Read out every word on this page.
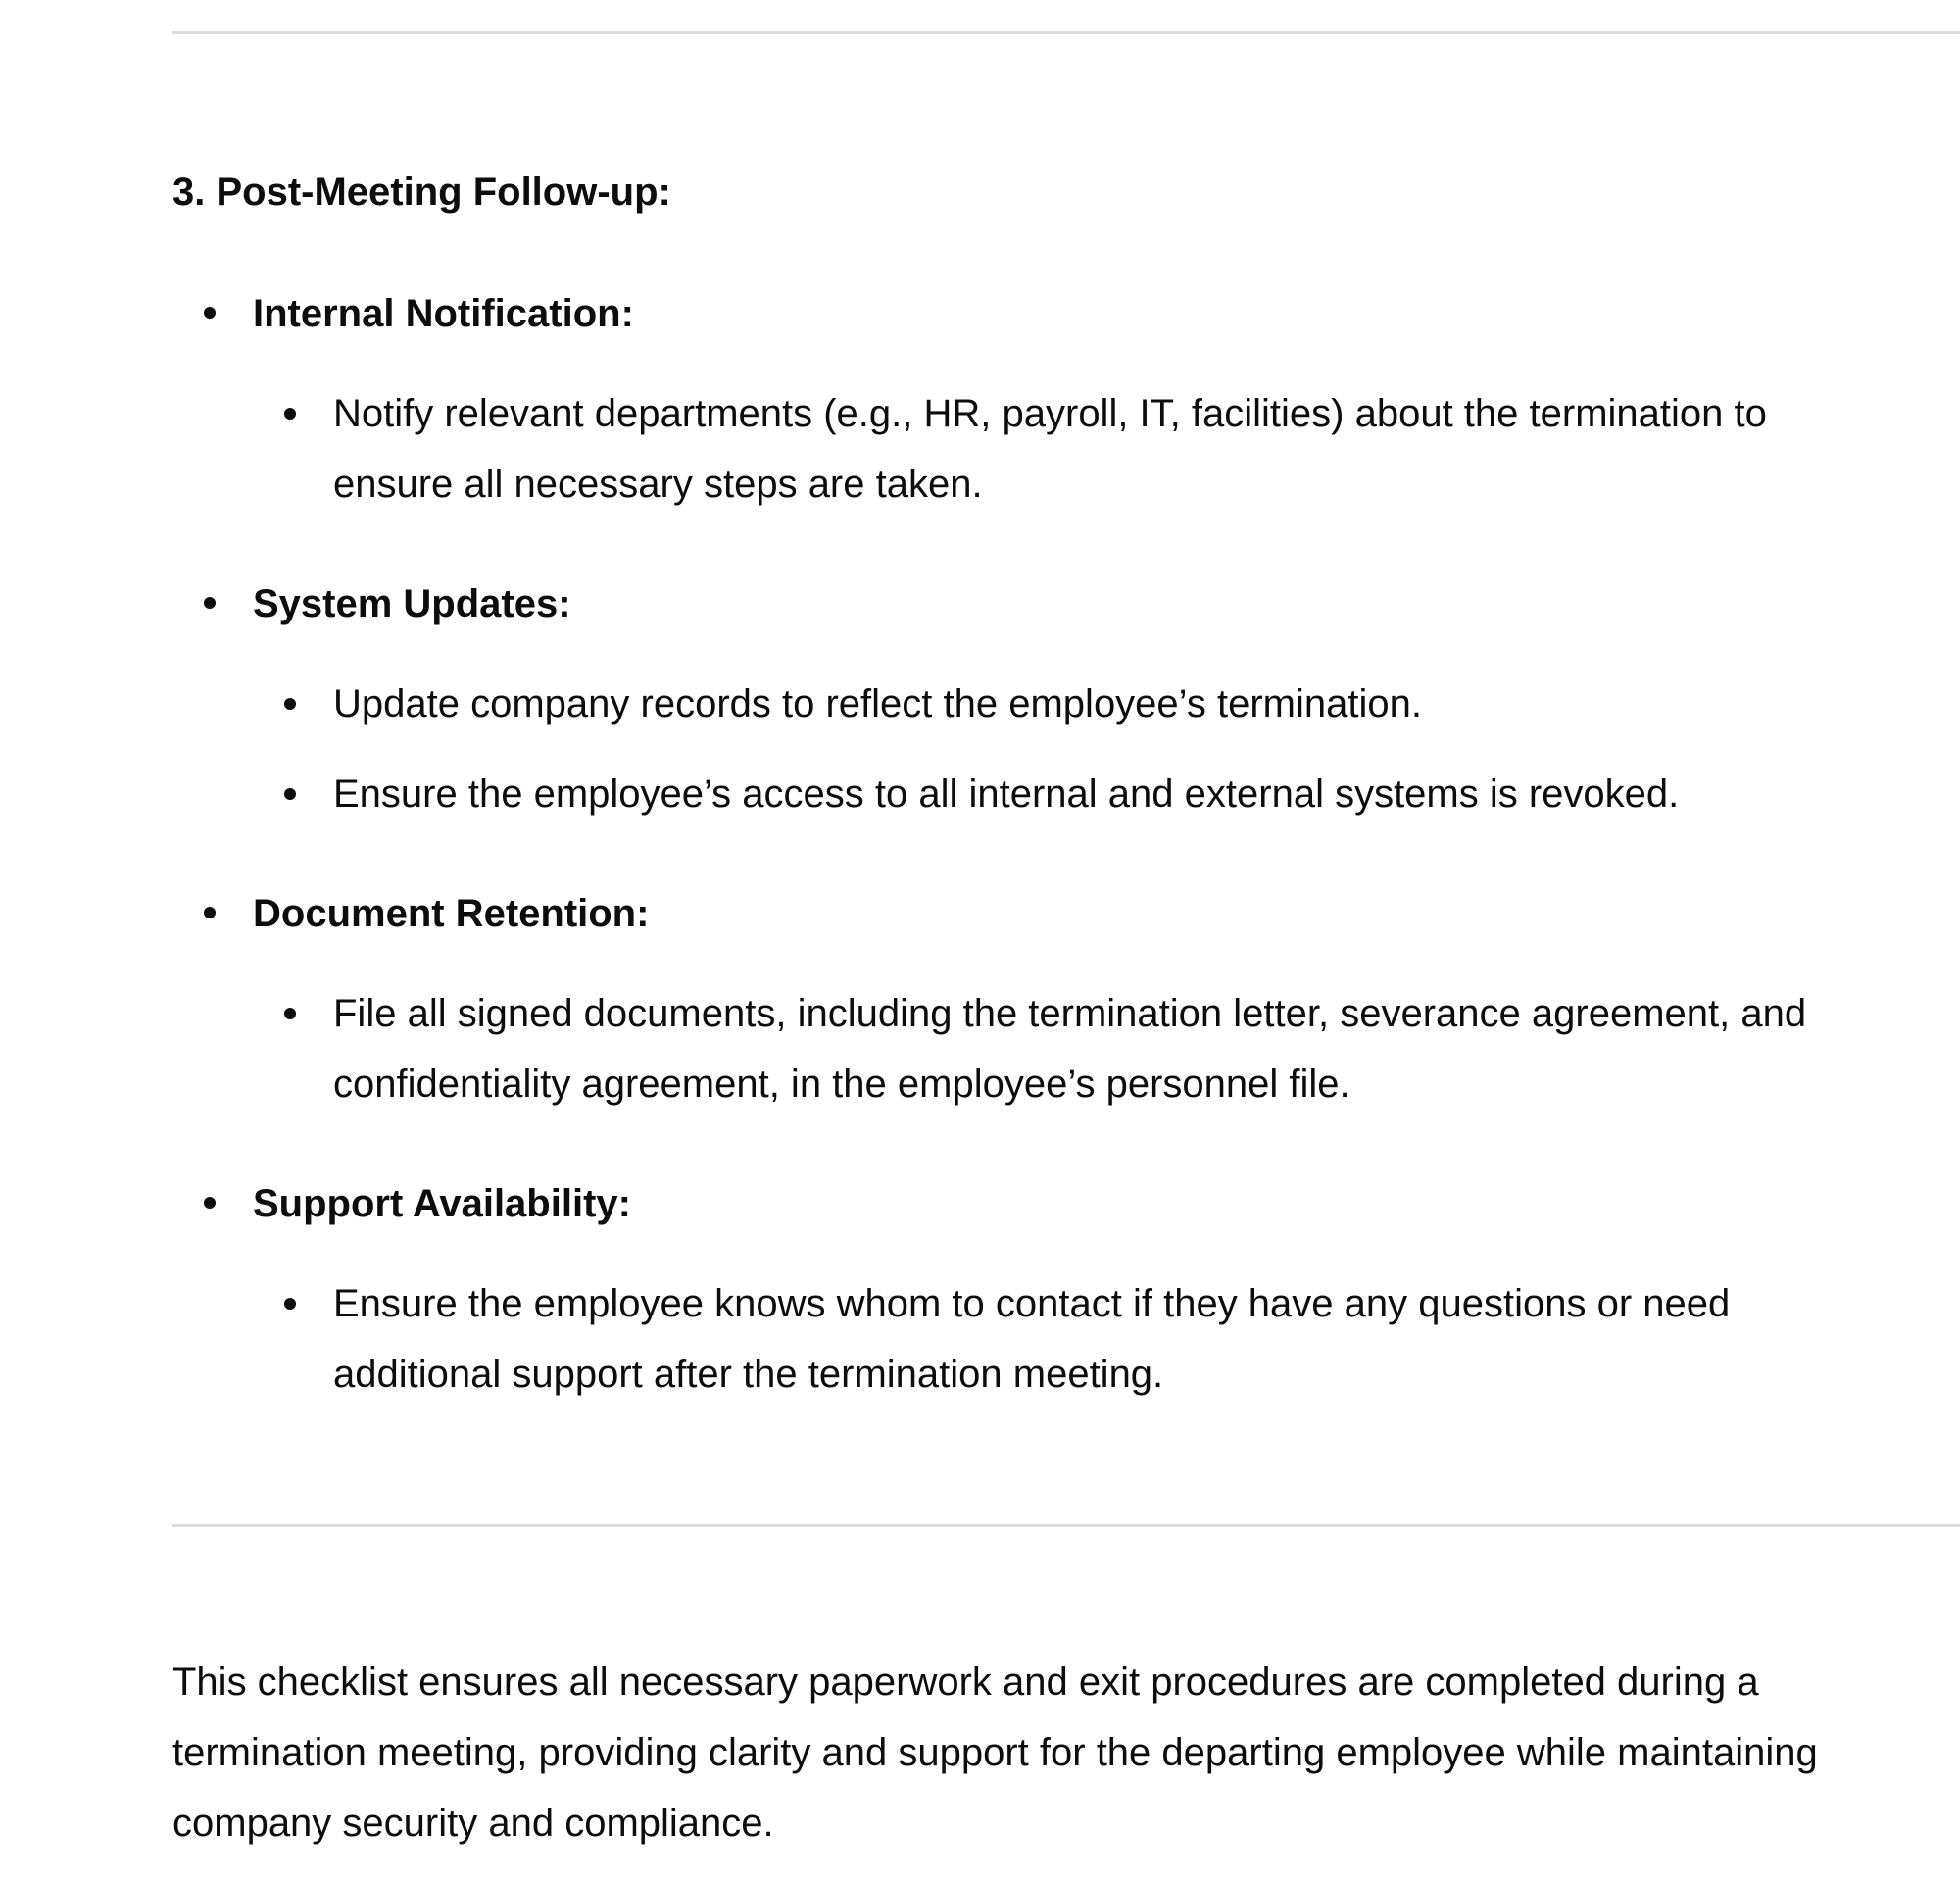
3. Post-Meeting Follow-up:
Internal Notification:
Notify relevant departments (e.g., HR, payroll, IT, facilities) about the termination to ensure all necessary steps are taken.
System Updates:
Update company records to reflect the employee’s termination.
Ensure the employee’s access to all internal and external systems is revoked.
Document Retention:
File all signed documents, including the termination letter, severance agreement, and confidentiality agreement, in the employee’s personnel file.
Support Availability:
Ensure the employee knows whom to contact if they have any questions or need additional support after the termination meeting.

This checklist ensures all necessary paperwork and exit procedures are completed during a termination meeting, providing clarity and support for the departing employee while maintaining company security and compliance.
